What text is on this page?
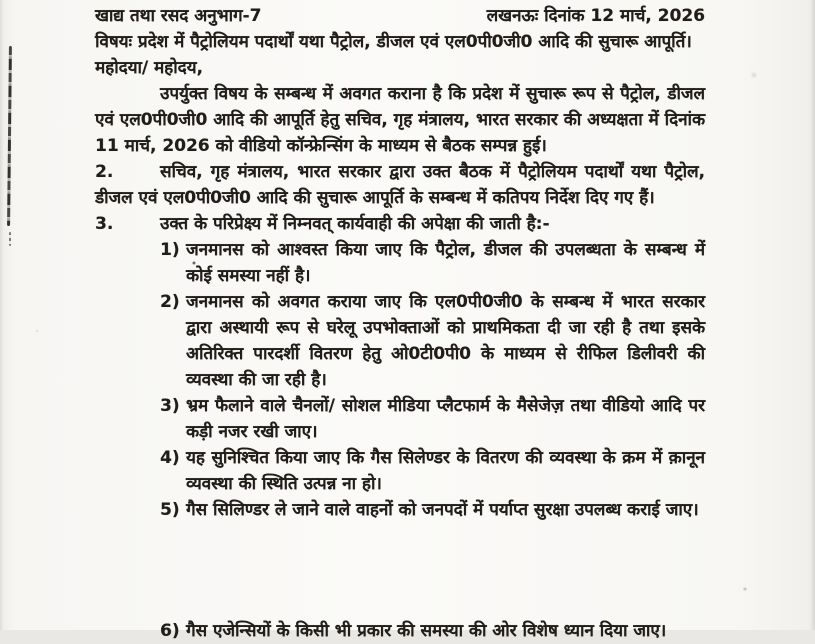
खाद्य तथा रसद अनुभाग-7	लखनऊः दिनांक 12 मार्च, 2026

विषयः प्रदेश में पैट्रोलियम पदार्थों यथा पैट्रोल, डीजल एवं एल0पी0जी0 आदि की सुचारू आपूर्ति।

महोदया/ महोदय,

उपर्युक्त विषय के सम्बन्ध में अवगत कराना है कि प्रदेश में सुचारू रूप से पैट्रोल, डीजल एवं एल0पी0जी0 आदि की आपूर्ति हेतु सचिव, गृह मंत्रालय, भारत सरकार की अध्यक्षता में दिनांक 11 मार्च, 2026 को वीडियो कॉन्फ्रेन्सिंग के माध्यम से बैठक सम्पन्न हुई।

2.	सचिव, गृह मंत्रालय, भारत सरकार द्वारा उक्त बैठक में पैट्रोलियम पदार्थों यथा पैट्रोल, डीजल एवं एल0पी0जी0 आदि की सुचारू आपूर्ति के सम्बन्ध में कतिपय निर्देश दिए गए हैं।

3.	उक्त के परिप्रेक्ष्य में निम्नवत् कार्यवाही की अपेक्षा की जाती है:-

1) जनमानस को आश्वस्त किया जाए कि पैट्रोल, डीजल की उपलब्धता के सम्बन्ध में कोई समस्या नहीं है।

2) जनमानस को अवगत कराया जाए कि एल0पी0जी0 के सम्बन्ध में भारत सरकार द्वारा अस्थायी रूप से घरेलू उपभोक्ताओं को प्राथमिकता दी जा रही है तथा इसके अतिरिक्त पारदर्शी वितरण हेतु ओ0टी0पी0 के माध्यम से रीफिल डिलीवरी की व्यवस्था की जा रही है।

3) भ्रम फैलाने वाले चैनलों/ सोशल मीडिया प्लैटफार्म के मैसेजेज़ तथा वीडियो आदि पर कड़ी नजर रखी जाए।

4) यह सुनिश्चित किया जाए कि गैस सिलेण्डर के वितरण की व्यवस्था के क्रम में क़ानून व्यवस्था की स्थिति उत्पन्न ना हो।

5) गैस सिलिण्डर ले जाने वाले वाहनों को जनपदों में पर्याप्त सुरक्षा उपलब्ध कराई जाए।

6) गैस एजेन्सियों के किसी भी प्रकार की समस्या की ओर विशेष ध्यान दिया जाए।
